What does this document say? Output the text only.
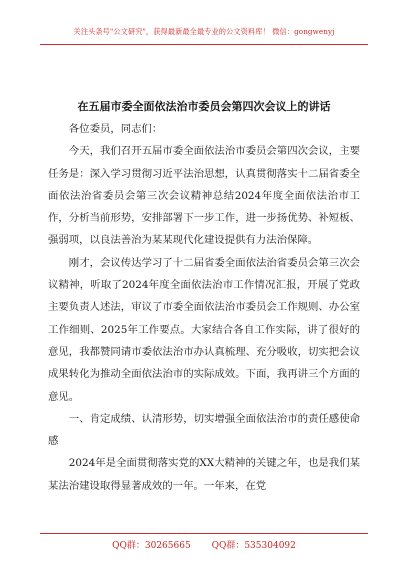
关注头条号"公文研究"，获得最新最全最专业的公文资料库！ 微信：gongwenyj
在五届市委全面依法治市委员会第四次会议上的讲话

各位委员，同志们：

今天，我们召开五届市委全面依法治市委员会第四次会议，主要任务是：深入学习贯彻习近平法治思想，认真贯彻落实十二届省委全面依法治省委员会第三次会议精神总结2024年度全面依法治市工作，分析当前形势，安排部署下一步工作，进一步扬优势、补短板、强弱项，以良法善治为某某现代化建设提供有力法治保障。

刚才，会议传达学习了十二届省委全面依法治省委员会第三次会议精神，听取了2024年度全面依法治市工作情况汇报，开展了党政主要负责人述法，审议了市委全面依法治市委员会工作规则、办公室工作细则、2025年工作要点。大家结合各自工作实际，讲了很好的意见，我都赞同请市委依法治市办认真梳理、充分吸收，切实把会议成果转化为推动全面依法治市的实际成效。下面，我再讲三个方面的意见。

一、肯定成绩、认清形势，切实增强全面依法治市的责任感使命感

2024年是全面贯彻落实党的XX大精神的关键之年，也是我们某某法治建设取得显著成效的一年。一年来，在党

QQ群：30265665 QQ群：535304092
